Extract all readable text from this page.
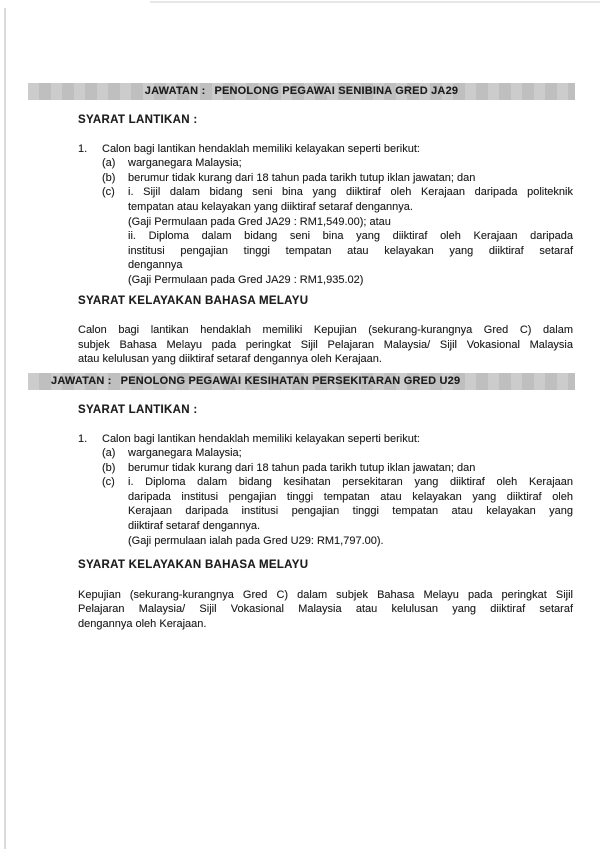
JAWATAN : PENOLONG PEGAWAI SENIBINA GRED JA29
SYARAT LANTIKAN :
1.	Calon bagi lantikan hendaklah memiliki kelayakan seperti berikut:
(a)	warganegara Malaysia;
(b)	berumur tidak kurang dari 18 tahun pada tarikh tutup iklan jawatan; dan
(c)	i. Sijil dalam bidang seni bina yang diiktiraf oleh Kerajaan daripada politeknik
tempatan atau kelayakan yang diiktiraf setaraf dengannya.
(Gaji Permulaan pada Gred JA29 : RM1,549.00); atau
ii. Diploma dalam bidang seni bina yang diiktiraf oleh Kerajaan daripada
institusi pengajian tinggi tempatan atau kelayakan yang diiktiraf setaraf
dengannya
(Gaji Permulaan pada Gred JA29 : RM1,935.02)
SYARAT KELAYAKAN BAHASA MELAYU
Calon bagi lantikan hendaklah memiliki Kepujian (sekurang-kurangnya Gred C) dalam
subjek Bahasa Melayu pada peringkat Sijil Pelajaran Malaysia/ Sijil Vokasional Malaysia
atau kelulusan yang diiktiraf setaraf dengannya oleh Kerajaan.
JAWATAN : PENOLONG PEGAWAI KESIHATAN PERSEKITARAN GRED U29
SYARAT LANTIKAN :
1.	Calon bagi lantikan hendaklah memiliki kelayakan seperti berikut:
(a)	warganegara Malaysia;
(b)	berumur tidak kurang dari 18 tahun pada tarikh tutup iklan jawatan; dan
(c)	i. Diploma dalam bidang kesihatan persekitaran yang diiktiraf oleh Kerajaan
daripada institusi pengajian tinggi tempatan atau kelayakan yang diiktiraf oleh
Kerajaan daripada institusi pengajian tinggi tempatan atau kelayakan yang
diiktiraf setaraf dengannya.
(Gaji permulaan ialah pada Gred U29: RM1,797.00).
SYARAT KELAYAKAN BAHASA MELAYU
Kepujian (sekurang-kurangnya Gred C) dalam subjek Bahasa Melayu pada peringkat Sijil
Pelajaran Malaysia/ Sijil Vokasional Malaysia atau kelulusan yang diiktiraf setaraf
dengannya oleh Kerajaan.
